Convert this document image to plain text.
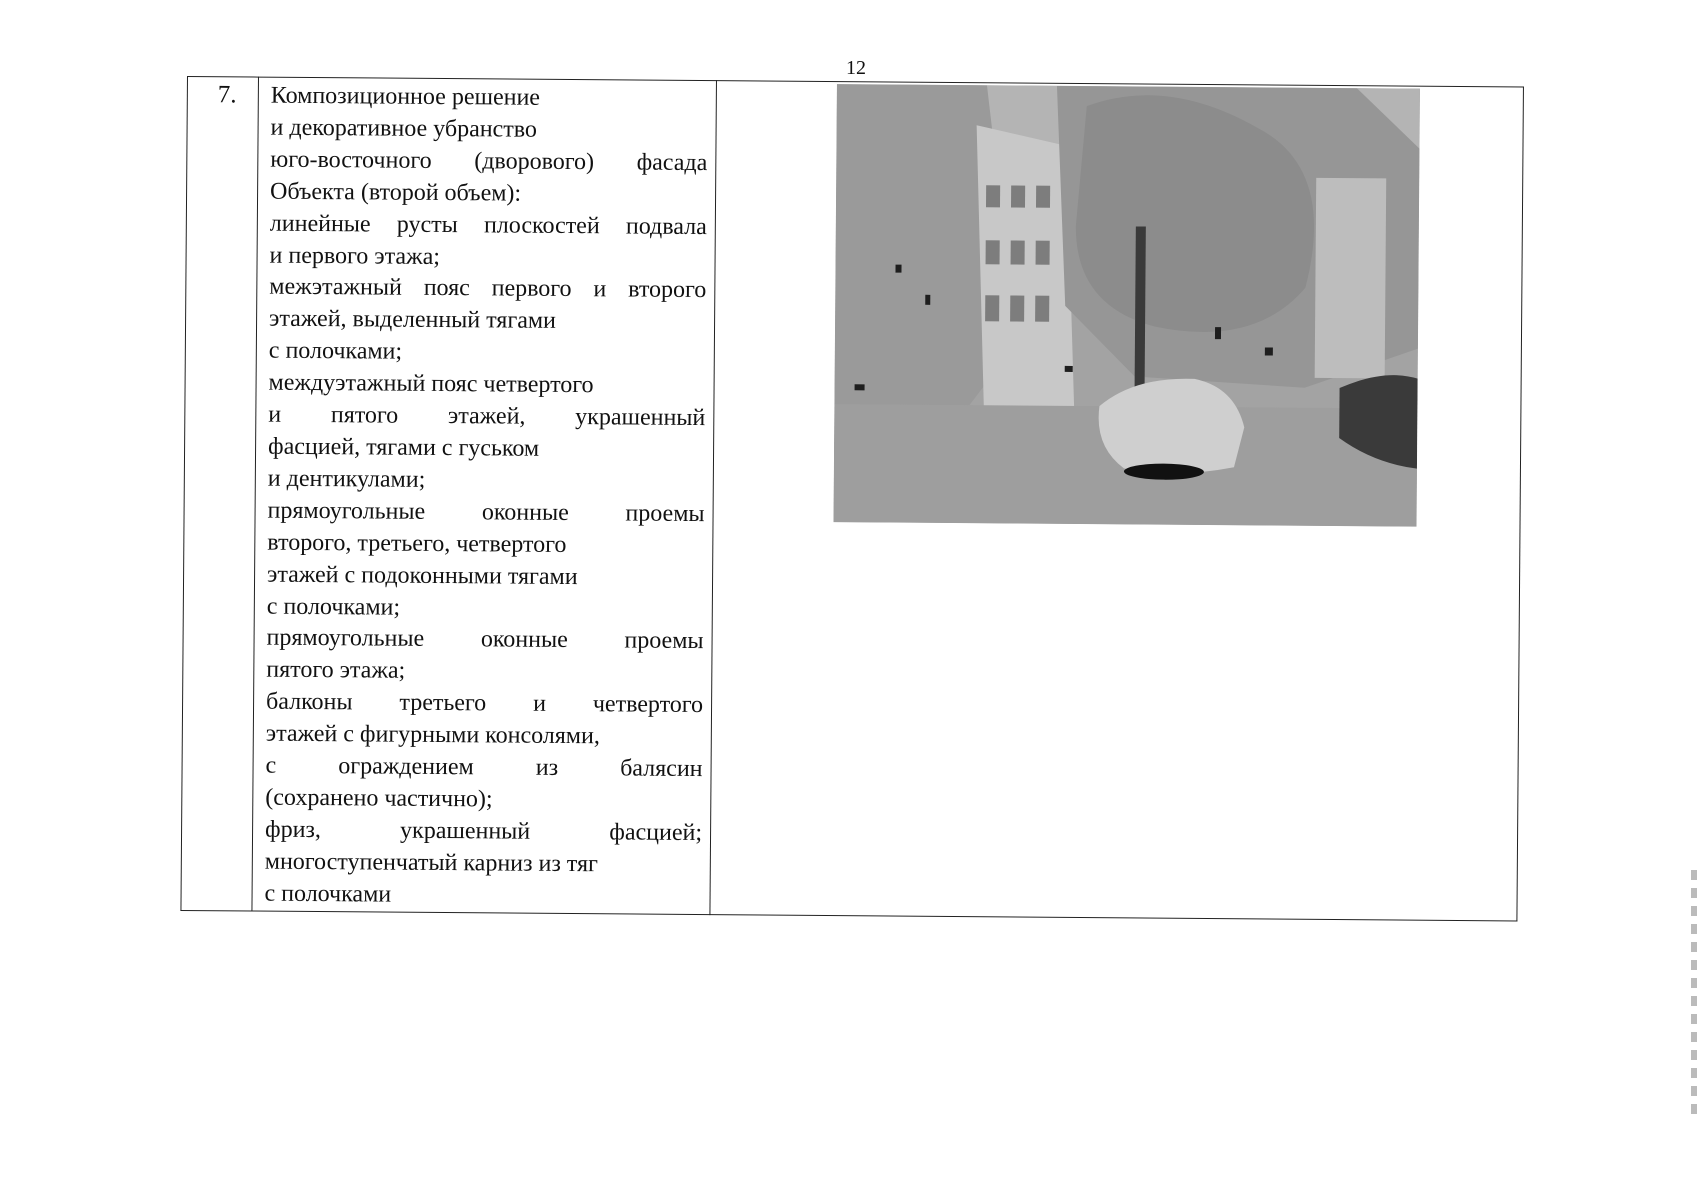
12
7.	Композиционное решение
и декоративное убранство
юго-восточного (дворового) фасада
Объекта (второй объем):
линейные русты плоскостей подвала
и первого этажа;
межэтажный пояс первого и второго
этажей, выделенный тягами
с полочками;
междуэтажный пояс четвертого
и пятого этажей, украшенный
фасцией, тягами с гуськом
и дентикулами;
прямоугольные оконные проемы
второго, третьего, четвертого
этажей с подоконными тягами
с полочками;
прямоугольные оконные проемы
пятого этажа;
балконы третьего и четвертого
этажей с фигурными консолями,
с ограждением из балясин
(сохранено частично);
фриз, украшенный фасцией;
многоступенчатый карниз из тяг
с полочками
